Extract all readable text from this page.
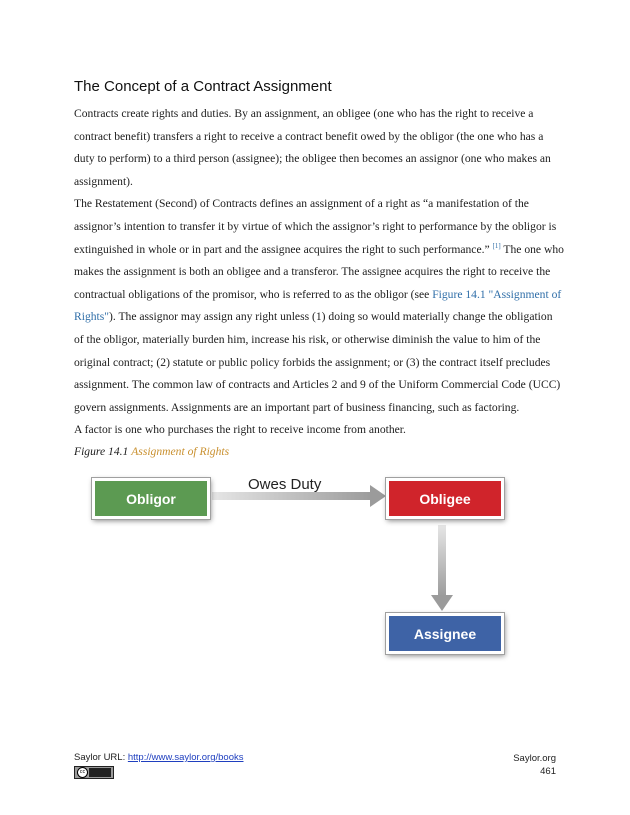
The Concept of a Contract Assignment

Contracts create rights and duties. By an assignment, an obligee (one who has the right to receive a contract benefit) transfers a right to receive a contract benefit owed by the obligor (the one who has a duty to perform) to a third person (assignee); the obligee then becomes an assignor (one who makes an assignment).

The Restatement (Second) of Contracts defines an assignment of a right as “a manifestation of the assignor’s intention to transfer it by virtue of which the assignor’s right to performance by the obligor is extinguished in whole or in part and the assignee acquires the right to such performance.” [1] The one who makes the assignment is both an obligee and a transferor. The assignee acquires the right to receive the contractual obligations of the promisor, who is referred to as the obligor (see Figure 14.1 "Assignment of Rights"). The assignor may assign any right unless (1) doing so would materially change the obligation of the obligor, materially burden him, increase his risk, or otherwise diminish the value to him of the original contract; (2) statute or public policy forbids the assignment; or (3) the contract itself precludes assignment. The common law of contracts and Articles 2 and 9 of the Uniform Commercial Code (UCC) govern assignments. Assignments are an important part of business financing, such as factoring.

A factor is one who purchases the right to receive income from another.

Figure 14.1 Assignment of Rights
Owes Duty
Obligor	Obligee
Assignee
Saylor URL: http://www.saylor.org/books
cc
Saylor.org
461
